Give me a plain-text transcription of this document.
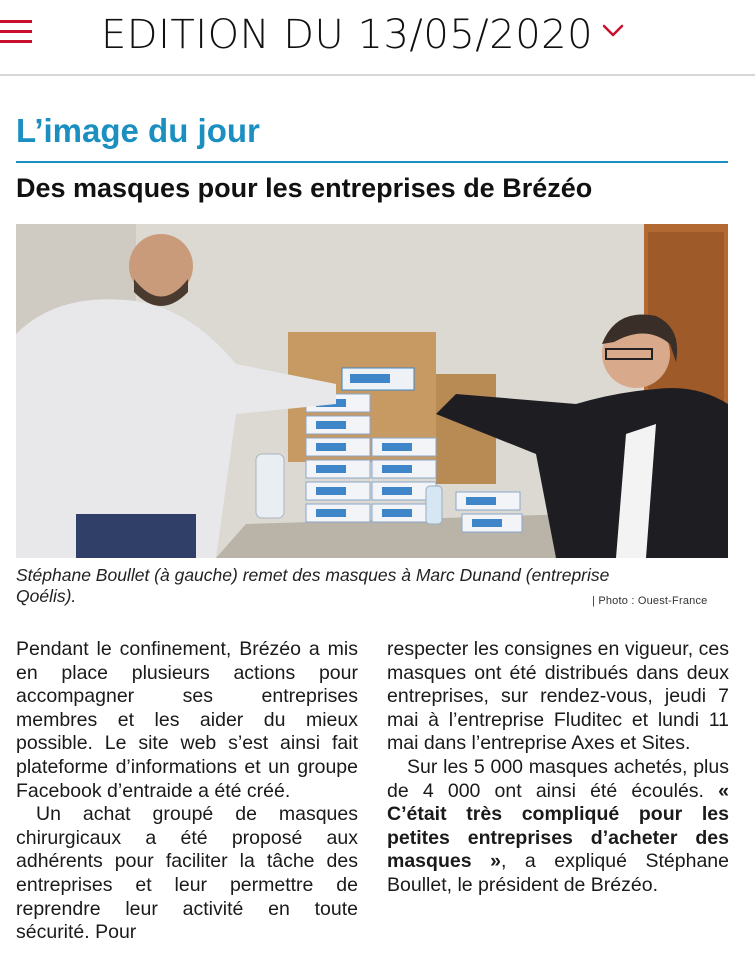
EDITION DU 13/05/2020
L’image du jour
Des masques pour les entreprises de Brézéo
Stéphane Boullet (à gauche) remet des masques à Marc Dunand (entreprise Qoélis).	| Photo : Ouest-France

Pendant le confinement, Brézéo a mis en place plusieurs actions pour accompagner ses entreprises membres et les aider du mieux possible. Le site web s’est ainsi fait plateforme d’informations et un groupe Facebook d’entraide a été créé.

Un achat groupé de masques chirurgicaux a été proposé aux adhérents pour faciliter la tâche des entreprises et leur permettre de reprendre leur activité en toute sécurité. Pour

respecter les consignes en vigueur, ces masques ont été distribués dans deux entreprises, sur rendez-vous, jeudi 7 mai à l’entreprise Fluditec et lundi 11 mai dans l’entreprise Axes et Sites.

Sur les 5 000 masques achetés, plus de 4 000 ont ainsi été écoulés. « C’était très compliqué pour les petites entreprises d’acheter des masques », a expliqué Stéphane Boullet, le président de Brézéo.
